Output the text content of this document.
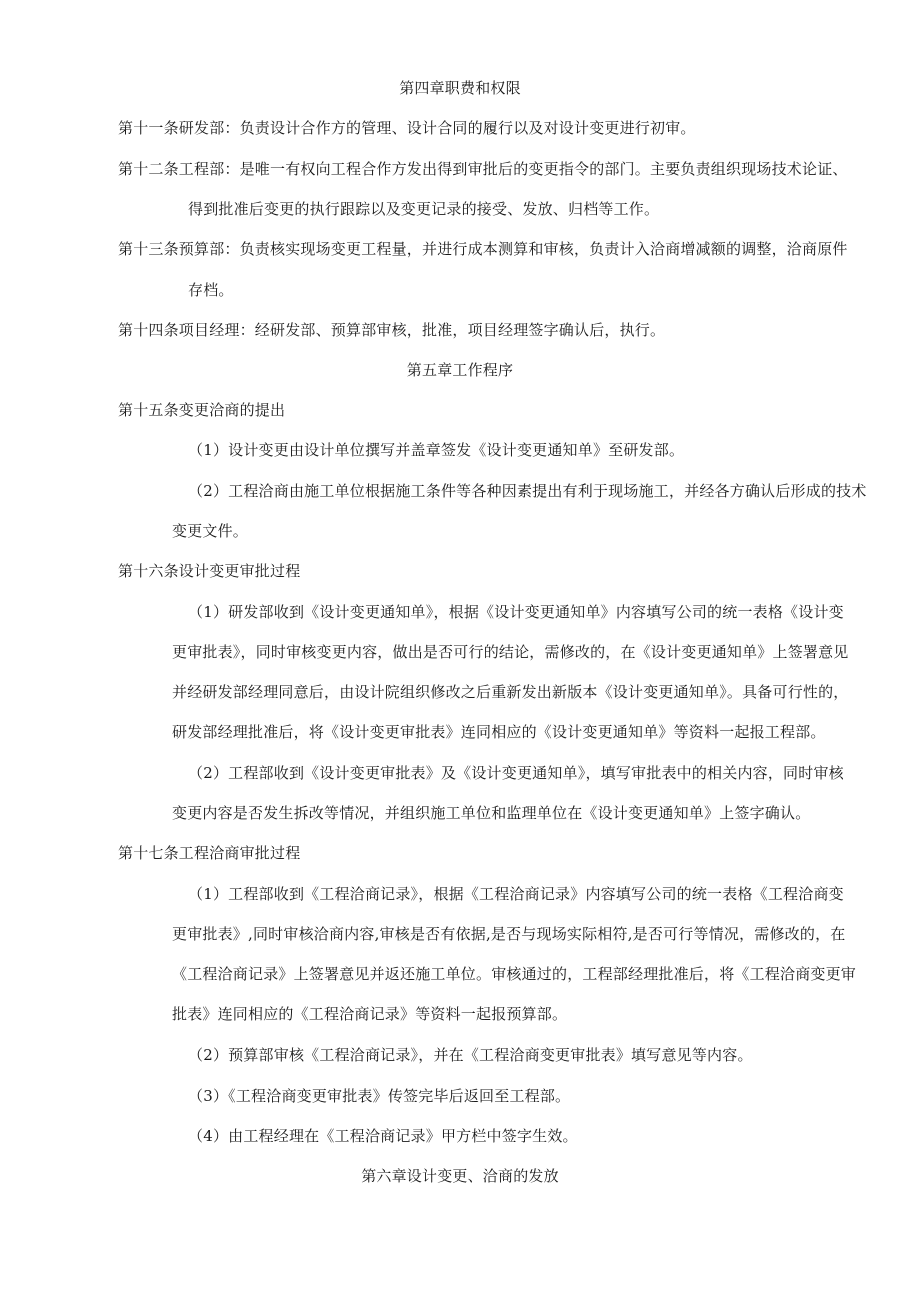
第四章职费和权限
第十一条研发部：负责设计合作方的管理、设计合同的履行以及对设计变更进行初审。
第十二条工程部：是唯一有权向工程合作方发出得到审批后的变更指令的部门。主要负责组织现场技术论证、
得到批准后变更的执行跟踪以及变更记录的接受、发放、归档等工作。
第十三条预算部：负责核实现场变更工程量，并进行成本测算和审核，负责计入洽商增减额的调整，洽商原件
存档。
第十四条项目经理：经研发部、预算部审核，批准，项目经理签字确认后，执行。
第五章工作程序
第十五条变更洽商的提出
（1）设计变更由设计单位撰写并盖章签发《设计变更通知单》至研发部。
（2）工程洽商由施工单位根据施工条件等各种因素提出有利于现场施工，并经各方确认后形成的技术
变更文件。
第十六条设计变更审批过程
（1）研发部收到《设计变更通知单》，根据《设计变更通知单》内容填写公司的统一表格《设计变
更审批表》，同时审核变更内容，做出是否可行的结论，需修改的，在《设计变更通知单》上签署意见
并经研发部经理同意后，由设计院组织修改之后重新发出新版本《设计变更通知单》。具备可行性的，
研发部经理批准后，将《设计变更审批表》连同相应的《设计变更通知单》等资料一起报工程部。
（2）工程部收到《设计变更审批表》及《设计变更通知单》，填写审批表中的相关内容，同时审核
变更内容是否发生拆改等情况，并组织施工单位和监理单位在《设计变更通知单》上签字确认。
第十七条工程洽商审批过程
（1）工程部收到《工程洽商记录》，根据《工程洽商记录》内容填写公司的统一表格《工程洽商变
更审批表》,同时审核洽商内容,审核是否有依据,是否与现场实际相符,是否可行等情况，需修改的，在
《工程洽商记录》上签署意见并返还施工单位。审核通过的，工程部经理批准后，将《工程洽商变更审
批表》连同相应的《工程洽商记录》等资料一起报预算部。
（2）预算部审核《工程洽商记录》，并在《工程洽商变更审批表》填写意见等内容。
（3）《工程洽商变更审批表》传签完毕后返回至工程部。
（4）由工程经理在《工程洽商记录》甲方栏中签字生效。
第六章设计变更、洽商的发放
